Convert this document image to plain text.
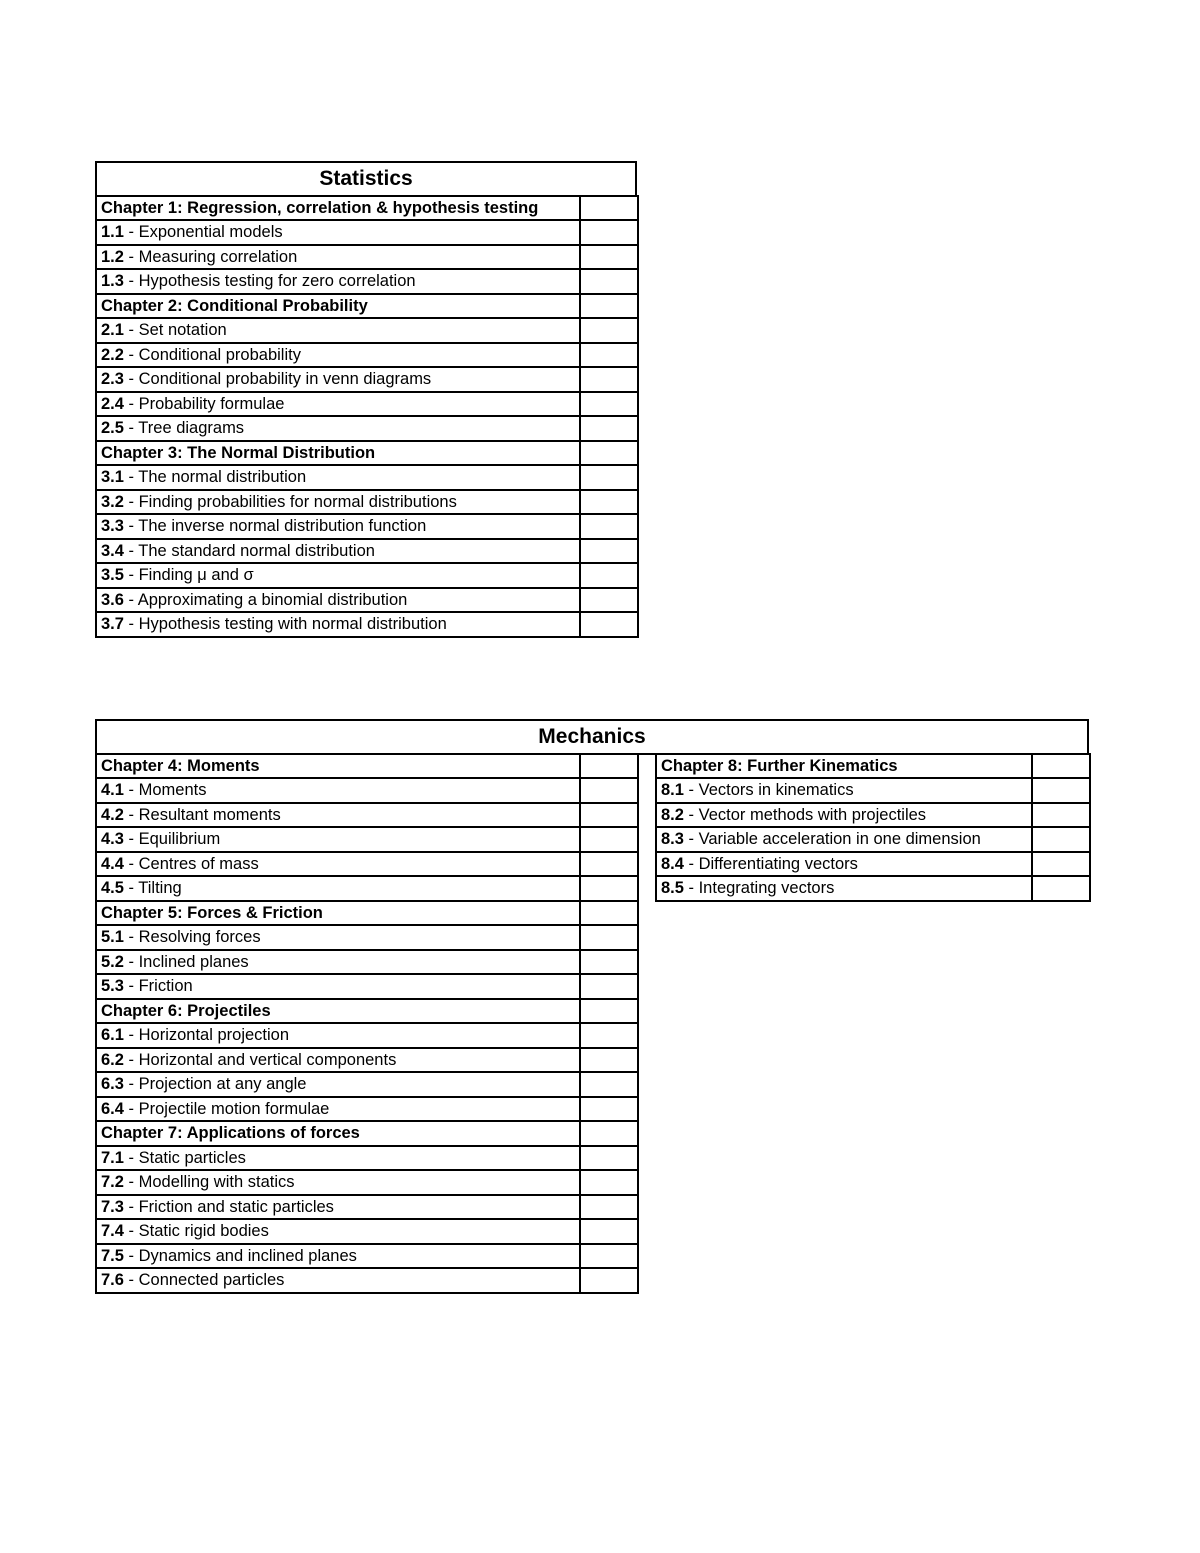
Statistics
Chapter 1: Regression, correlation & hypothesis testing	
1.1 - Exponential models	
1.2 - Measuring correlation	
1.3 - Hypothesis testing for zero correlation	
Chapter 2: Conditional Probability	
2.1 - Set notation	
2.2 - Conditional probability	
2.3 - Conditional probability in venn diagrams	
2.4 - Probability formulae	
2.5 - Tree diagrams	
Chapter 3: The Normal Distribution	
3.1 - The normal distribution	
3.2 - Finding probabilities for normal distributions	
3.3 - The inverse normal distribution function	
3.4 - The standard normal distribution	
3.5 - Finding μ and σ	
3.6 - Approximating a binomial distribution	
3.7 - Hypothesis testing with normal distribution	
Mechanics
Chapter 4: Moments	
4.1 - Moments	
4.2 - Resultant moments	
4.3 - Equilibrium	
4.4 - Centres of mass	
4.5 - Tilting	
Chapter 5: Forces & Friction	
5.1 - Resolving forces	
5.2 - Inclined planes	
5.3 - Friction	
Chapter 6: Projectiles	
6.1 - Horizontal projection	
6.2 - Horizontal and vertical components	
6.3 - Projection at any angle	
6.4 - Projectile motion formulae	
Chapter 7: Applications of forces	
7.1 - Static particles	
7.2 - Modelling with statics	
7.3 - Friction and static particles	
7.4 - Static rigid bodies	
7.5 - Dynamics and inclined planes	
7.6 - Connected particles	
Chapter 8: Further Kinematics	
8.1 - Vectors in kinematics	
8.2 - Vector methods with projectiles	
8.3 - Variable acceleration in one dimension	
8.4 - Differentiating vectors	
8.5 - Integrating vectors	
